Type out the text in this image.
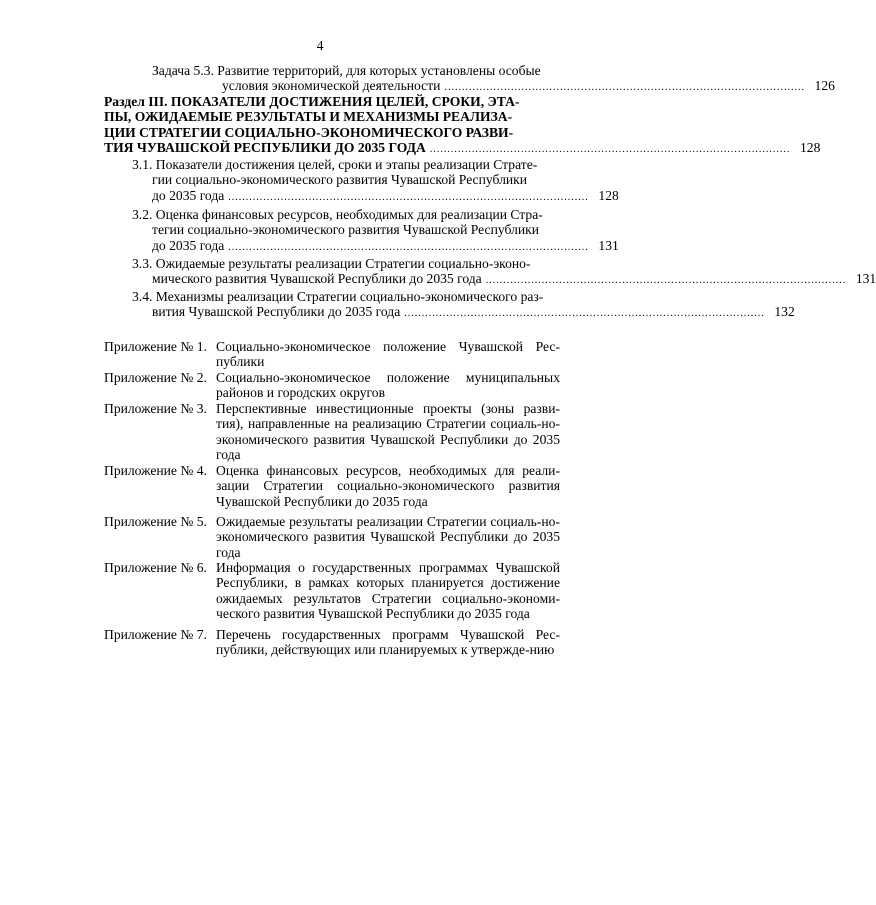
4
Задача 5.3. Развитие территорий, для которых установлены особые
условия экономической деятельности ....................................................................................................... 126
Раздел III. ПОКАЗАТЕЛИ ДОСТИЖЕНИЯ ЦЕЛЕЙ, СРОКИ, ЭТА-
ПЫ, ОЖИДАЕМЫЕ РЕЗУЛЬТАТЫ И МЕХАНИЗМЫ РЕАЛИЗА-
ЦИИ СТРАТЕГИИ СОЦИАЛЬНО-ЭКОНОМИЧЕСКОГО РАЗВИ-
ТИЯ ЧУВАШСКОЙ РЕСПУБЛИКИ ДО 2035 ГОДА ....................................................................................................... 128
3.1. Показатели достижения целей, сроки и этапы реализации Страте-
гии социально-экономического развития Чувашской Республики
до 2035 года ....................................................................................................... 128
3.2. Оценка финансовых ресурсов, необходимых для реализации Стра-
тегии социально-экономического развития Чувашской Республики
до 2035 года ....................................................................................................... 131
3.3. Ожидаемые результаты реализации Стратегии социально-эконо-
мического развития Чувашской Республики до 2035 года ....................................................................................................... 131
3.4. Механизмы реализации Стратегии социально-экономического раз-
вития Чувашской Республики до 2035 года ....................................................................................................... 132
Приложение № 1. Социально-экономическое положение Чувашской Рес-публики
Приложение № 2. Социально-экономическое положение муниципальных районов и городских округов
Приложение № 3. Перспективные инвестиционные проекты (зоны разви-тия), направленные на реализацию Стратегии социаль-но-экономического развития Чувашской Республики до 2035 года
Приложение № 4. Оценка финансовых ресурсов, необходимых для реали-зации Стратегии социально-экономического развития Чувашской Республики до 2035 года
Приложение № 5. Ожидаемые результаты реализации Стратегии социаль-но-экономического развития Чувашской Республики до 2035 года
Приложение № 6. Информация о государственных программах Чувашской Республики, в рамках которых планируется достижение ожидаемых результатов Стратегии социально-экономи-ческого развития Чувашской Республики до 2035 года
Приложение № 7. Перечень государственных программ Чувашской Рес-публики, действующих или планируемых к утвержде-нию
